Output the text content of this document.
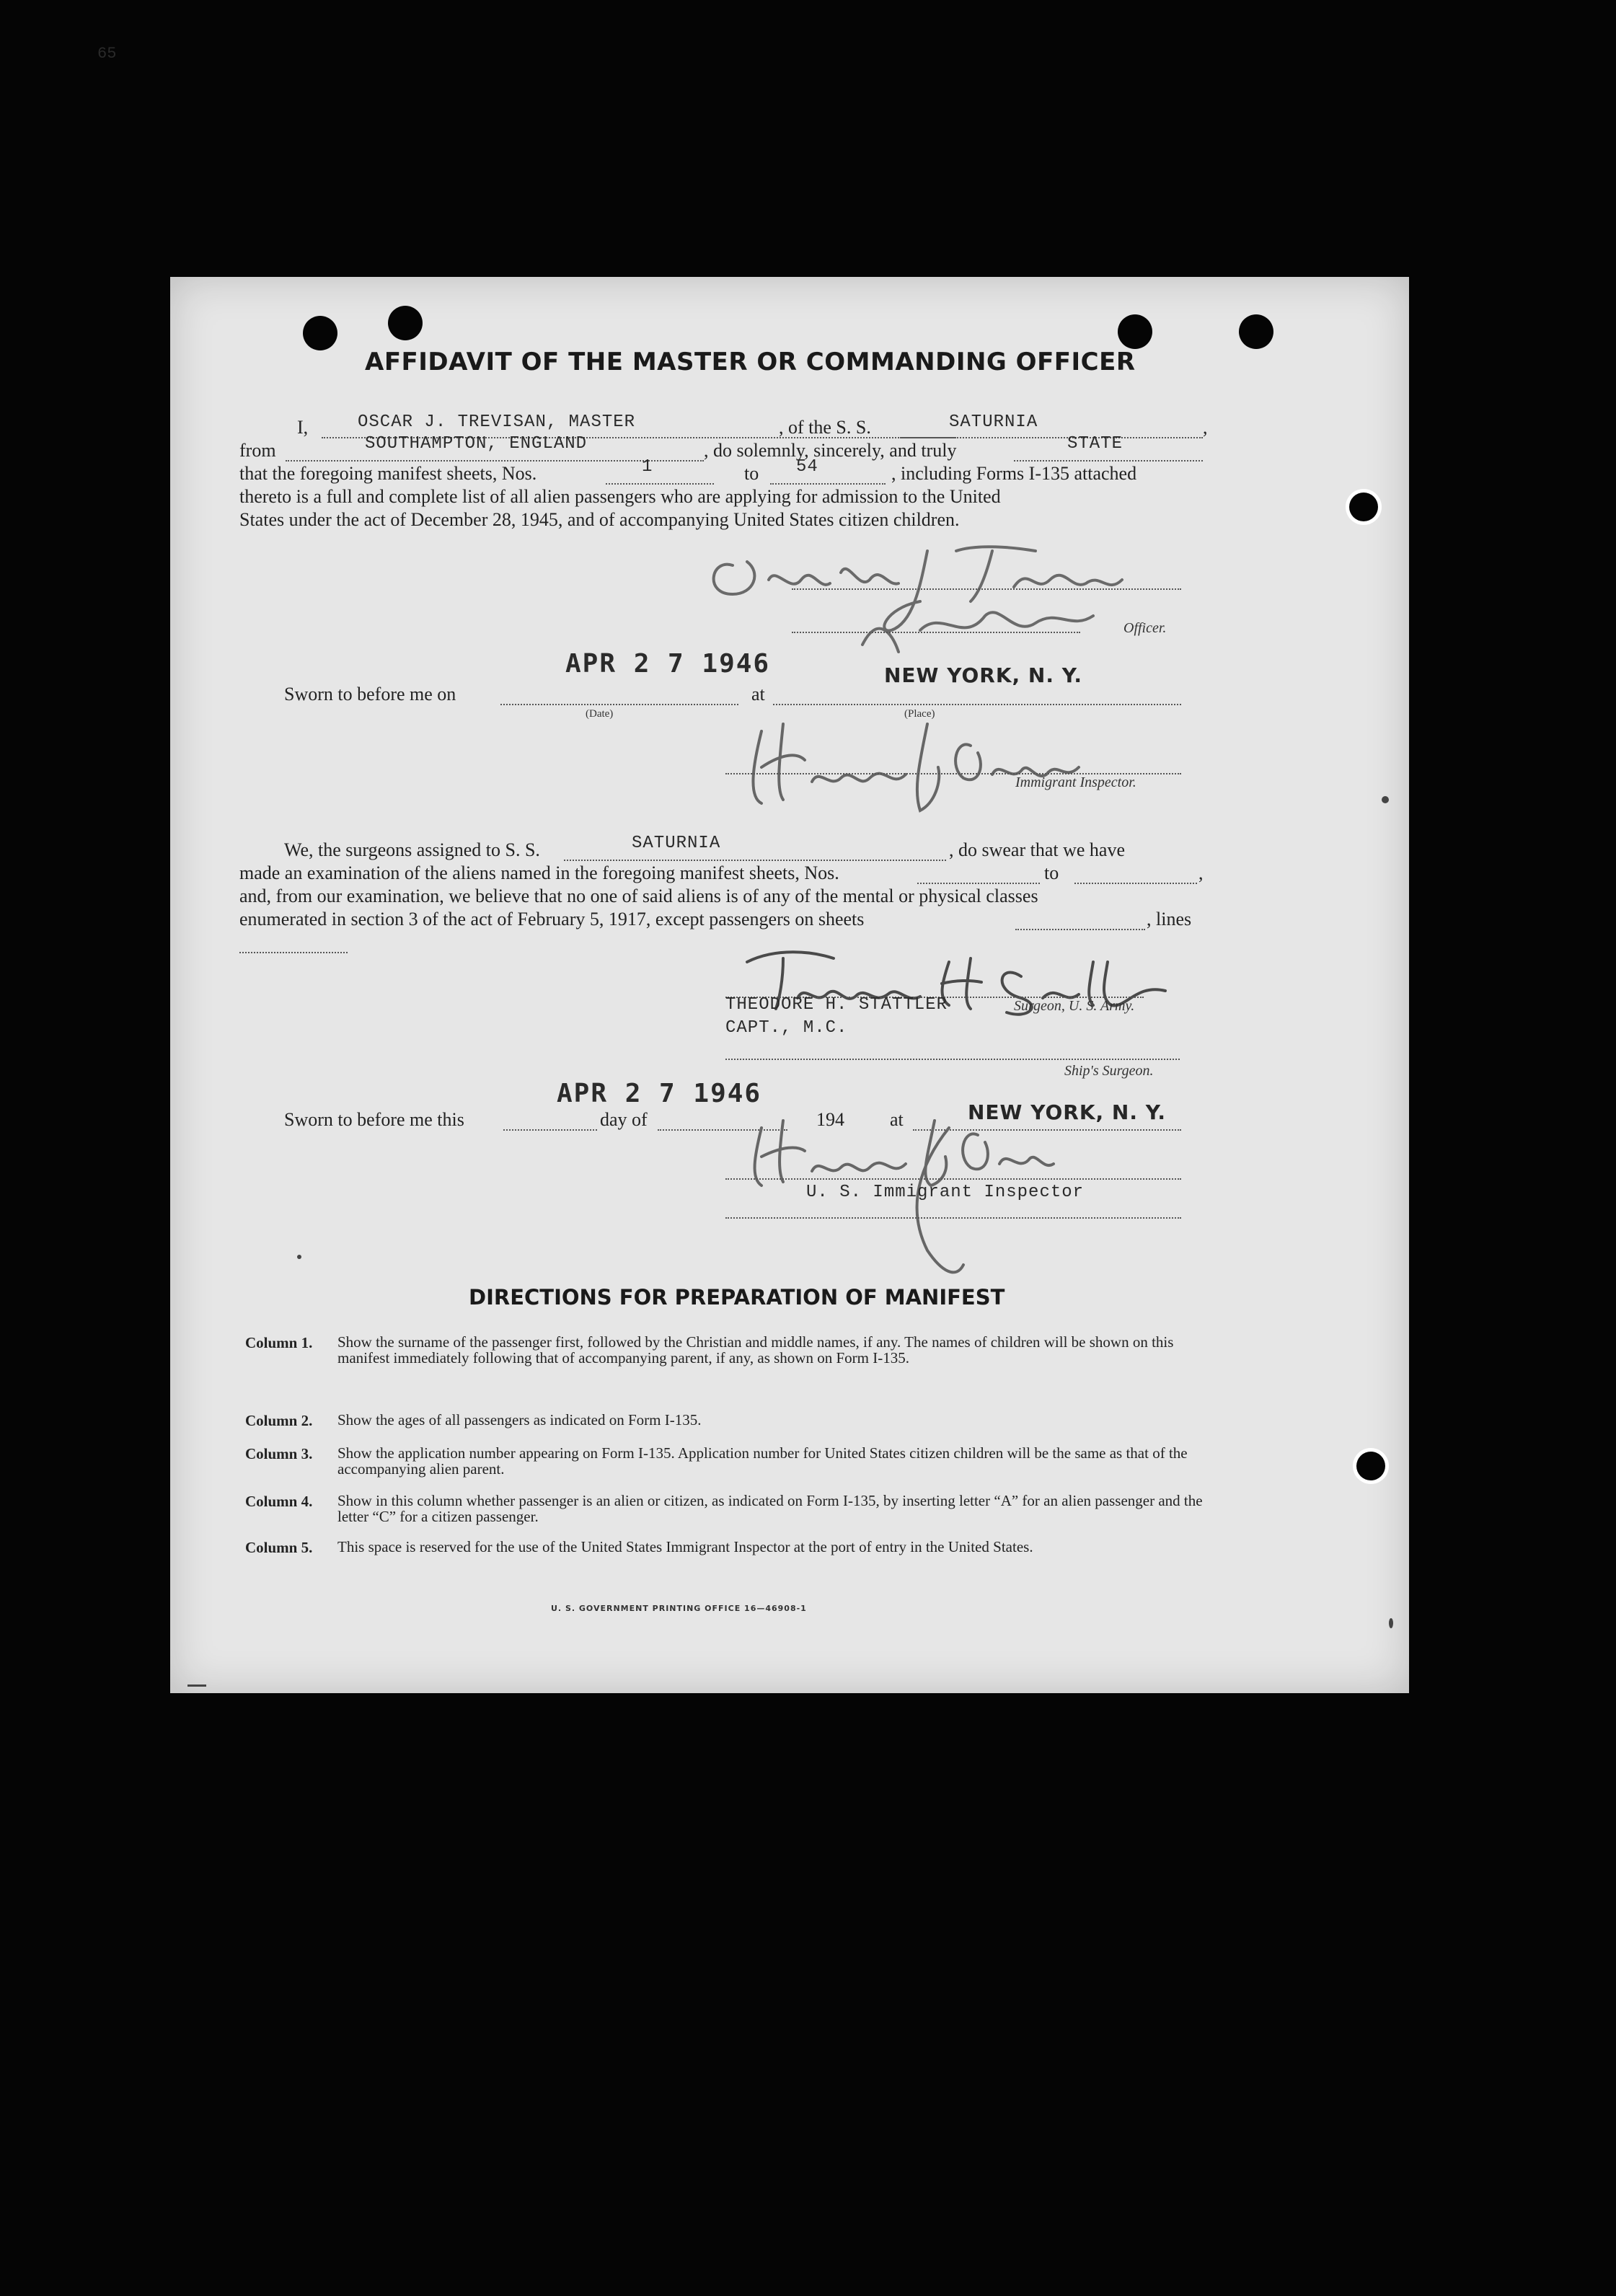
65
AFFIDAVIT OF THE MASTER OR COMMANDING OFFICER
I,	OSCAR J. TREVISAN, MASTER	, of the S. S.	SATURNIA	,
from	SOUTHAMPTON, ENGLAND	, do solemnly, sincerely, and truly	STATE
that the foregoing manifest sheets, Nos.	1	to 54	, including Forms I-135 attached
thereto is a full and complete list of all alien passengers who are applying for admission to the United
States under the act of December 28, 1945, and of accompanying United States citizen children.
Officer.
APR 2 7 1946
Sworn to before me on
(Date)
at
NEW YORK, N. Y.
(Place)
Immigrant Inspector.
We, the surgeons assigned to S. S.	SATURNIA	, do swear that we have
made an examination of the aliens named in the foregoing manifest sheets, Nos.	to	,
and, from our examination, we believe that no one of said aliens is of any of the mental or physical classes
enumerated in section 3 of the act of February 5, 1917, except passengers on sheets	, lines
THEODORE H. STATTLER	Surgeon, U. S. Army.
CAPT., M.C.
Ship's Surgeon.
APR 2 7 1946
Sworn to before me this	day of	194 at	NEW YORK, N. Y.
U. S. Immigrant Inspector
DIRECTIONS FOR PREPARATION OF MANIFEST
Column 1. Show the surname of the passenger first, followed by the Christian and middle names, if any. The names of children will be shown on this manifest immediately following that of accompanying parent, if any, as shown on Form I-135.
Column 2. Show the ages of all passengers as indicated on Form I-135.
Column 3. Show the application number appearing on Form I-135. Application number for United States citizen children will be the same as that of the accompanying alien parent.
Column 4. Show in this column whether passenger is an alien or citizen, as indicated on Form I-135, by inserting letter “A” for an alien passenger and the letter “C” for a citizen passenger.
Column 5. This space is reserved for the use of the United States Immigrant Inspector at the port of entry in the United States.
U. S. GOVERNMENT PRINTING OFFICE 16—46908-1
